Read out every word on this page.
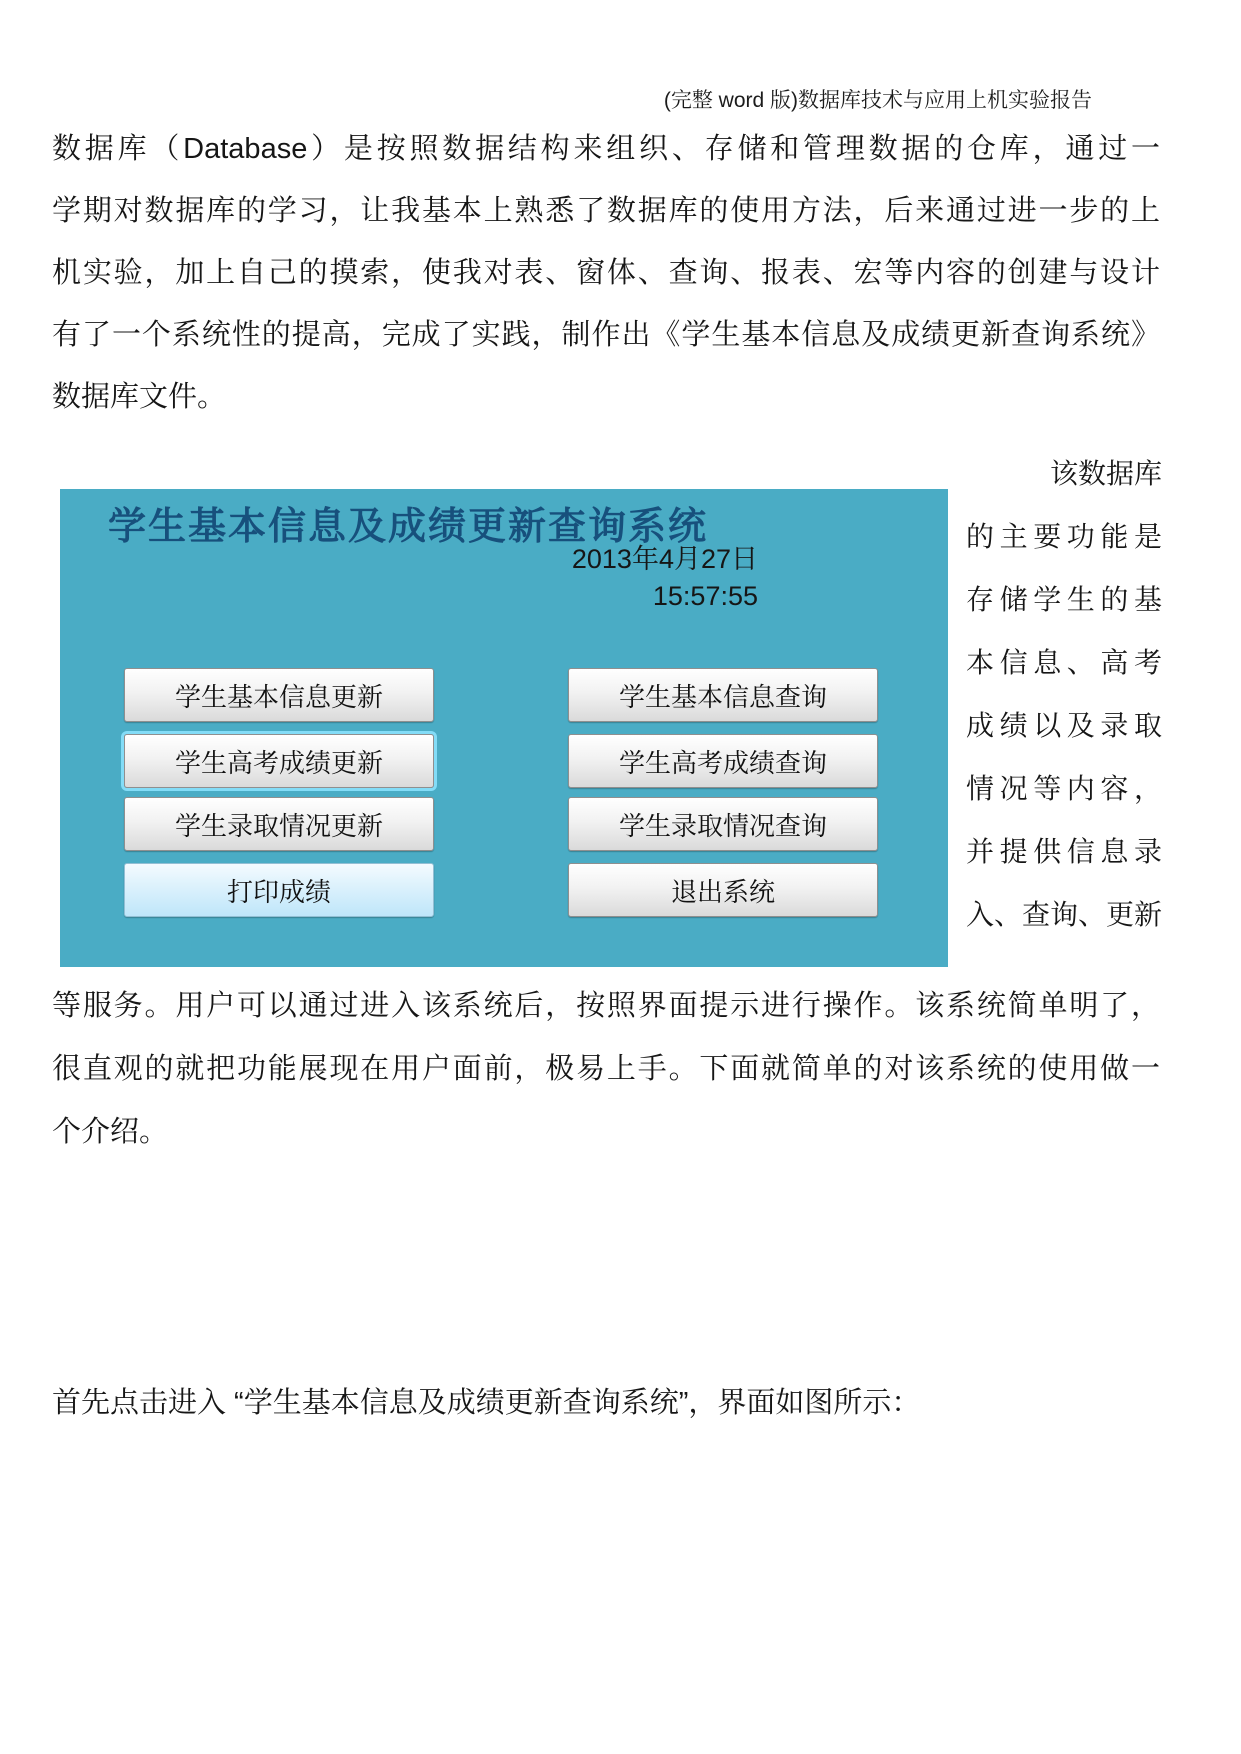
(完整 word 版)数据库技术与应用上机实验报告
数据库（Database）是按照数据结构来组织、存储和管理数据的仓库，通过一
学期对数据库的学习，让我基本上熟悉了数据库的使用方法，后来通过进一步的上
机实验，加上自己的摸索，使我对表、窗体、查询、报表、宏等内容的创建与设计
有了一个系统性的提高，完成了实践，制作出《学生基本信息及成绩更新查询系统》
数据库文件。
学生基本信息及成绩更新查询系统
2013年4月27日
15:57:55
学生基本信息更新
学生高考成绩更新
学生录取情况更新
打印成绩
学生基本信息查询
学生高考成绩查询
学生录取情况查询
退出系统
该数据库
的主要功能是
存储学生的基
本信息、高考
成绩以及录取
情况等内容，
并提供信息录
入、查询、更新
等服务。用户可以通过进入该系统后，按照界面提示进行操作。该系统简单明了，
很直观的就把功能展现在用户面前，极易上手。下面就简单的对该系统的使用做一
个介绍。
首先点击进入 “学生基本信息及成绩更新查询系统”，界面如图所示：
